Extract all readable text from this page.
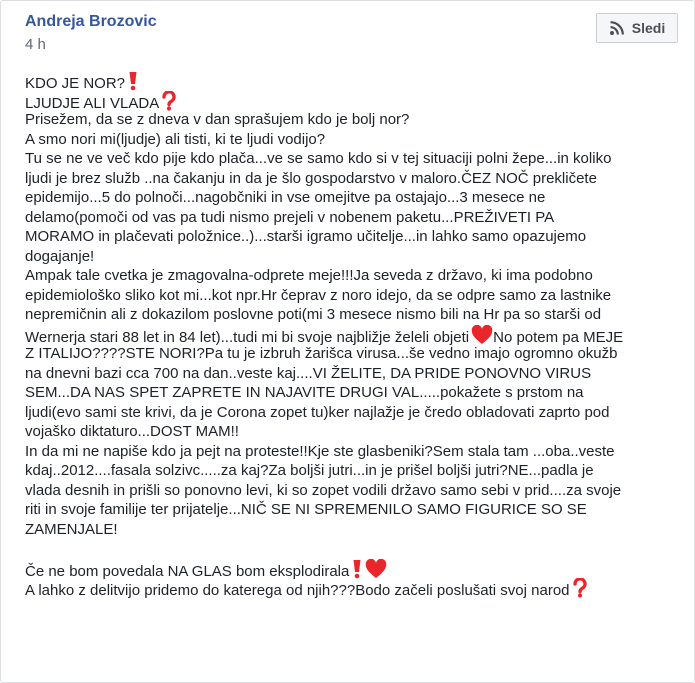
Andreja Brozovic
4 h
Sledi
KDO JE NOR?
LJUDJE ALI VLADA
Prisežem, da se z dneva v dan sprašujem kdo je bolj nor?
A smo nori mi(ljudje) ali tisti, ki te ljudi vodijo?
Tu se ne ve več kdo pije kdo plača...ve se samo kdo si v tej situaciji polni žepe...in koliko
ljudi je brez služb ..na čakanju in da je šlo gospodarstvo v maloro.ČEZ NOČ prekličete
epidemijo...5 do polnoči...nagobčniki in vse omejitve pa ostajajo...3 mesece ne
delamo(pomoči od vas pa tudi nismo prejeli v nobenem paketu...PREŽIVETI PA
MORAMO in plačevati položnice..)...starši igramo učitelje...in lahko samo opazujemo
dogajanje!
Ampak tale cvetka je zmagovalna-odprete meje!!!Ja seveda z državo, ki ima podobno
epidemiološko sliko kot mi...kot npr.Hr čeprav z noro idejo, da se odpre samo za lastnike
nepremičnin ali z dokazilom poslovne poti(mi 3 mesece nismo bili na Hr pa so starši od
Wernerja stari 88 let in 84 let)...tudi mi bi svoje najbližje želeli objeti No potem pa MEJE
Z ITALIJO????STE NORI?Pa tu je izbruh žarišca virusa...še vedno imajo ogromno okužb
na dnevni bazi cca 700 na dan..veste kaj....VI ŽELITE, DA PRIDE PONOVNO VIRUS
SEM...DA NAS SPET ZAPRETE IN NAJAVITE DRUGI VAL.....pokažete s prstom na
ljudi(evo sami ste krivi, da je Corona zopet tu)ker najlažje je čredo obladovati zaprto pod
vojaško diktaturo...DOST MAM!!
In da mi ne napiše kdo ja pejt na proteste!!Kje ste glasbeniki?Sem stala tam ...oba..veste
kdaj..2012....fasala solzivc.....za kaj?Za boljši jutri...in je prišel boljši jutri?NE...padla je
vlada desnih in prišli so ponovno levi, ki so zopet vodili državo samo sebi v prid....za svoje
riti in svoje familije ter prijatelje...NIČ SE NI SPREMENILO SAMO FIGURICE SO SE
ZAMENJALE!
Če ne bom povedala NA GLAS bom eksplodirala
A lahko z delitvijo pridemo do katerega od njih???Bodo začeli poslušati svoj narod
